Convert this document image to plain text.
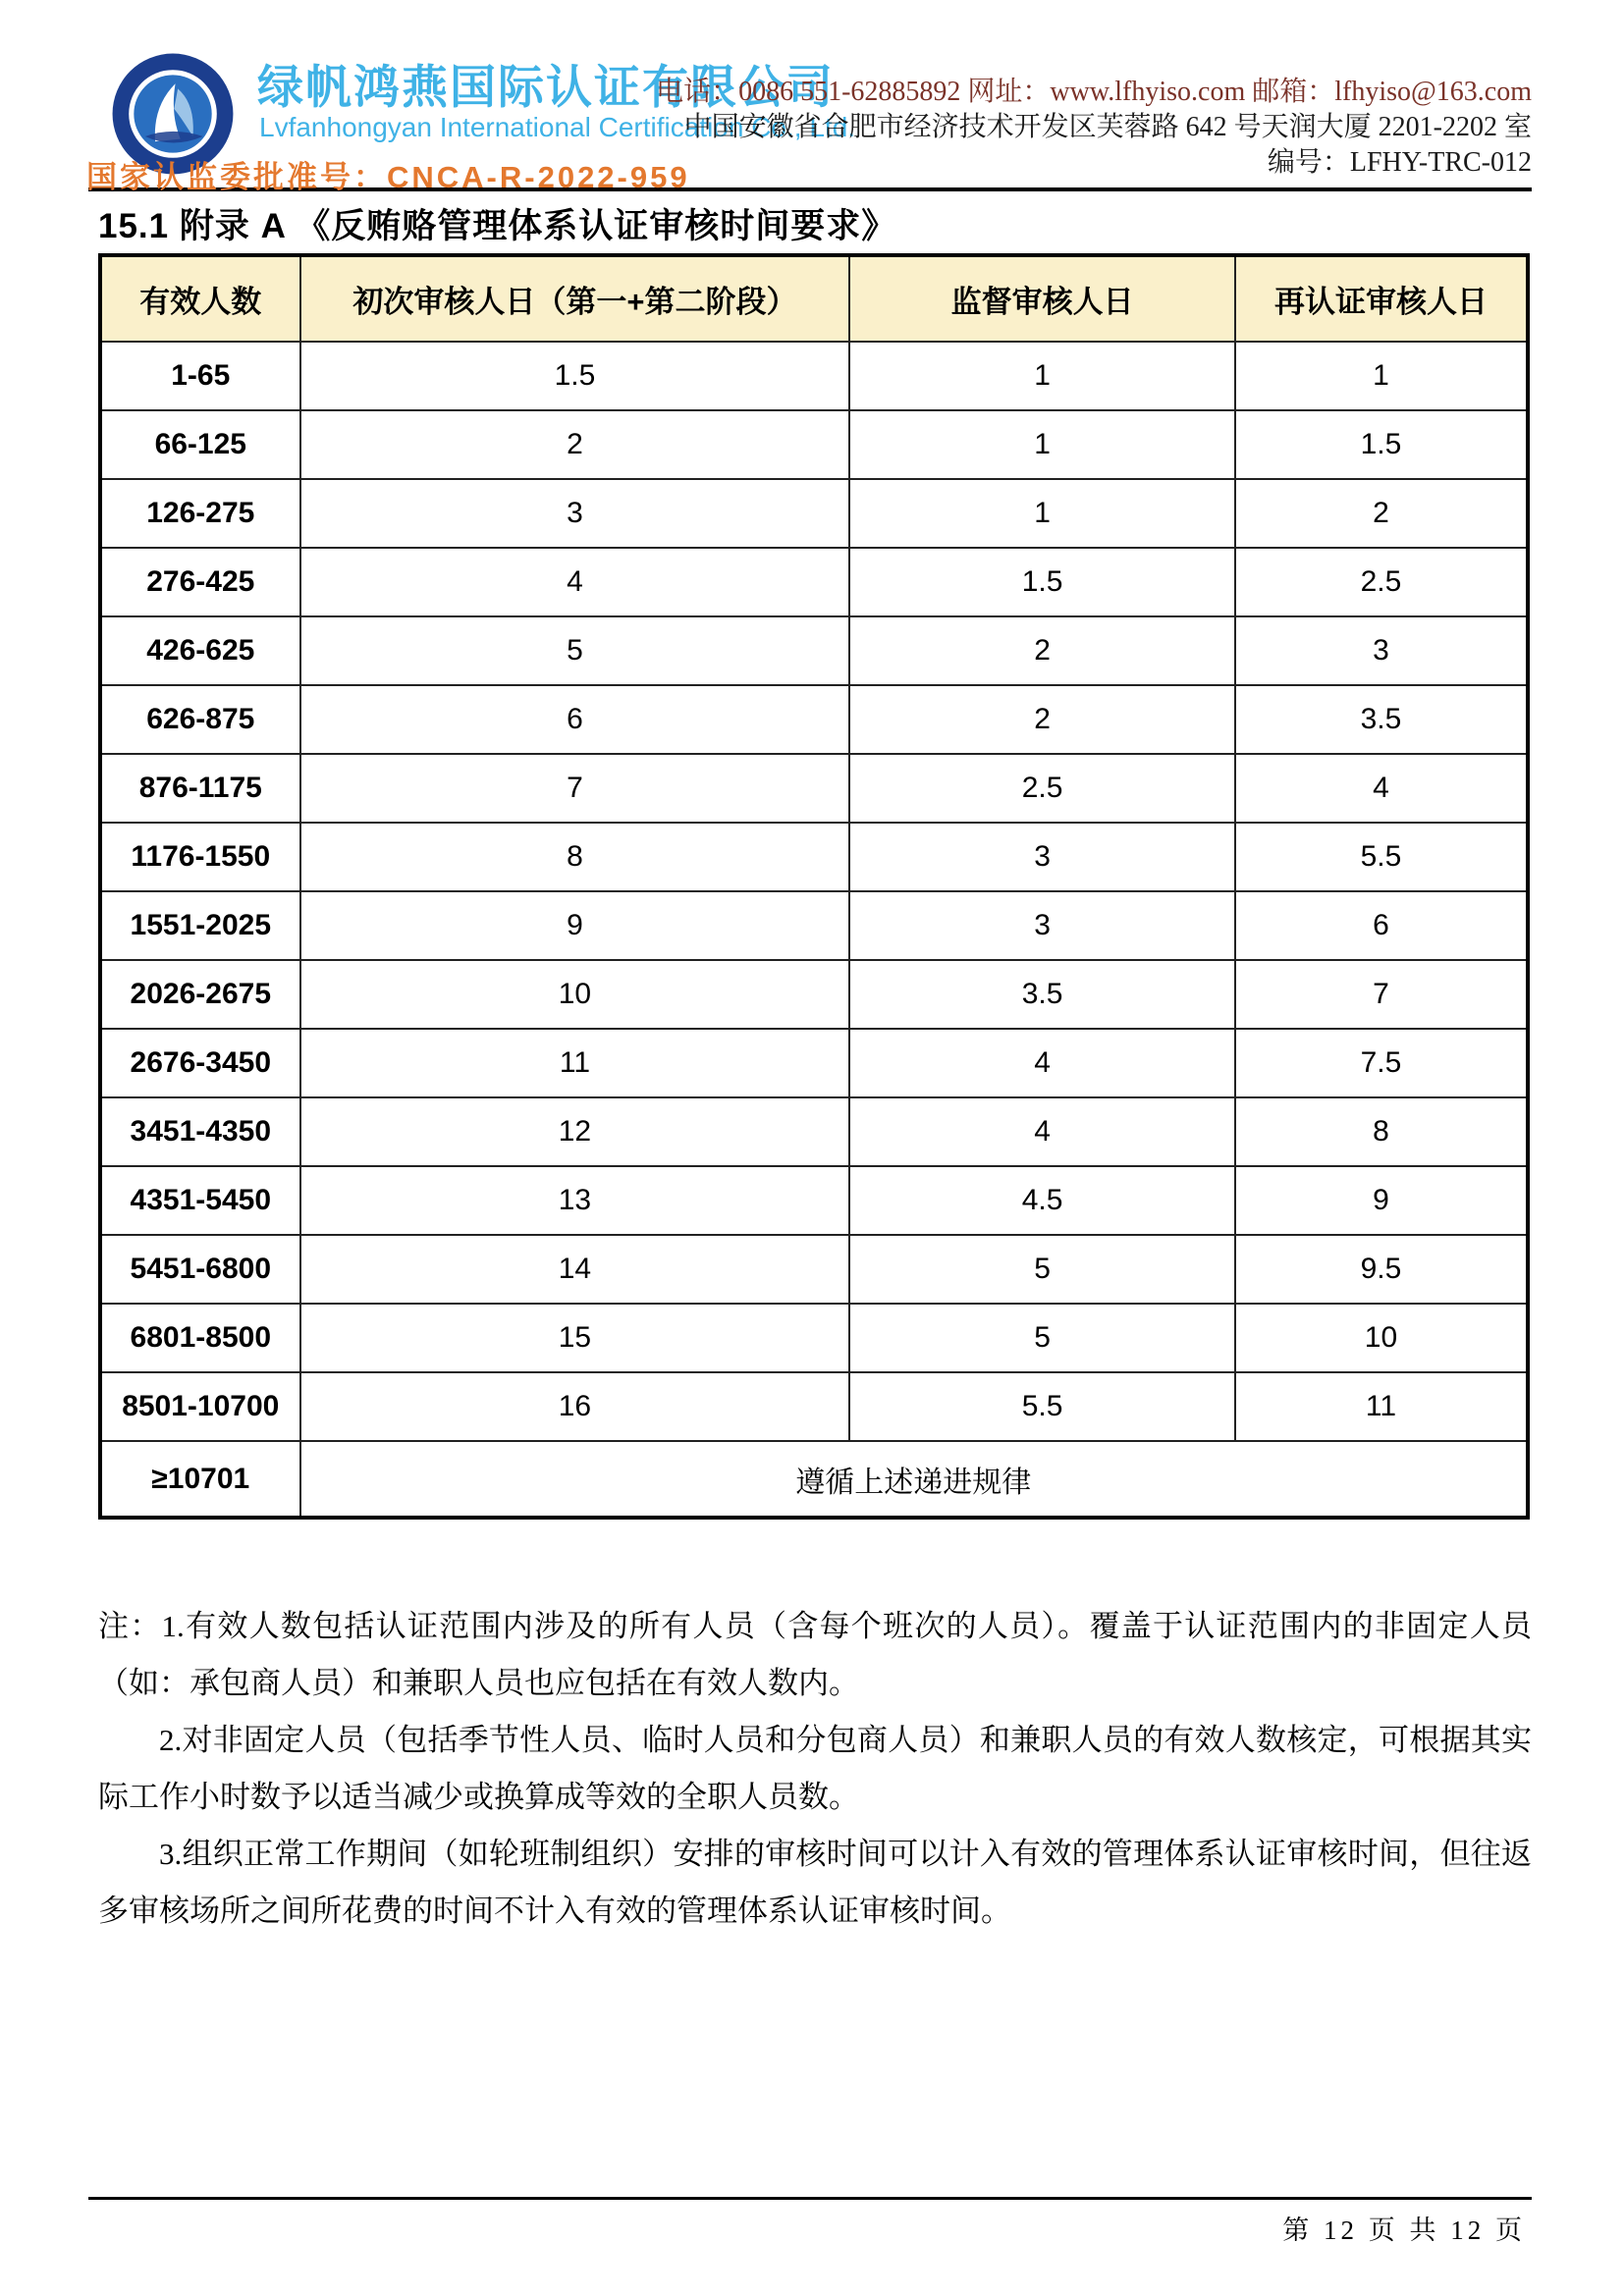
绿帆鸿燕国际认证有限公司
Lvfanhongyan International Certification Co., Ltd.
国家认监委批准号：CNCA-R-2022-959
电话：0086 551-62885892 网址：www.lfhyiso.com 邮箱：lfhyiso@163.com
中国安徽省合肥市经济技术开发区芙蓉路 642 号天润大厦 2201-2202 室
编号：LFHY-TRC-012
15.1 附录 A 《反贿赂管理体系认证审核时间要求》
有效人数	初次审核人日（第一+第二阶段）	监督审核人日	再认证审核人日
1-65	1.5	1	1
66-125	2	1	1.5
126-275	3	1	2
276-425	4	1.5	2.5
426-625	5	2	3
626-875	6	2	3.5
876-1175	7	2.5	4
1176-1550	8	3	5.5
1551-2025	9	3	6
2026-2675	10	3.5	7
2676-3450	11	4	7.5
3451-4350	12	4	8
4351-5450	13	4.5	9
5451-6800	14	5	9.5
6801-8500	15	5	10
8501-10700	16	5.5	11
≥10701	遵循上述递进规律		

注：1.有效人数包括认证范围内涉及的所有人员（含每个班次的人员）。覆盖于认证范围内的非固定人员（如：承包商人员）和兼职人员也应包括在有效人数内。

2.对非固定人员（包括季节性人员、临时人员和分包商人员）和兼职人员的有效人数核定，可根据其实际工作小时数予以适当减少或换算成等效的全职人员数。

3.组织正常工作期间（如轮班制组织）安排的审核时间可以计入有效的管理体系认证审核时间，但往返多审核场所之间所花费的时间不计入有效的管理体系认证审核时间。

第 12 页 共 12 页
